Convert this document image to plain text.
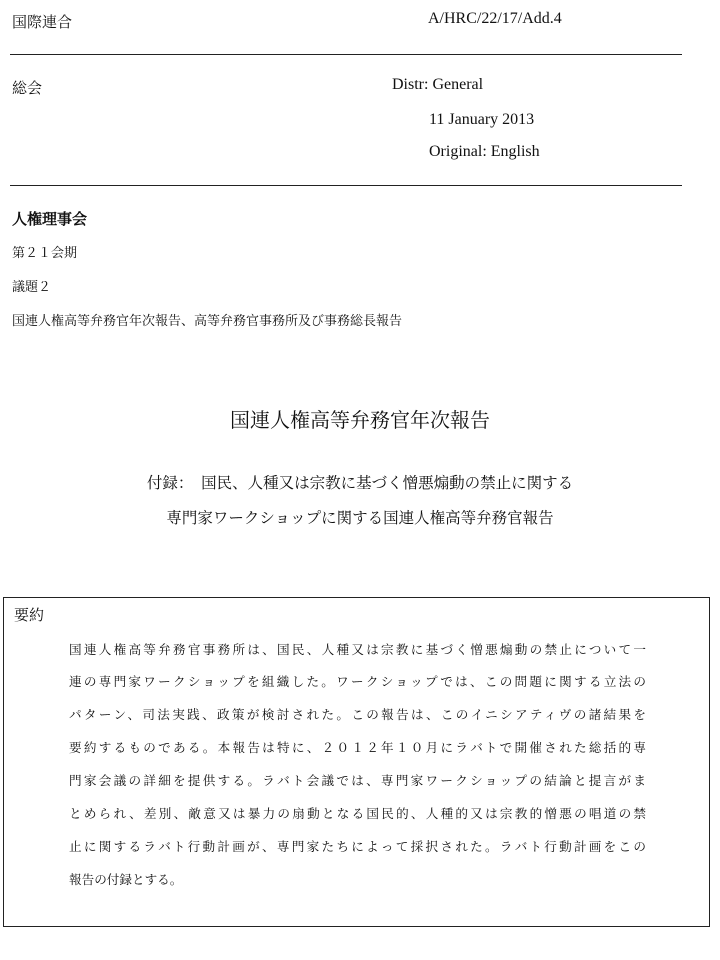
国際連合	A/HRC/22/17/Add.4
総会	Distr: General
11 January 2013
Original: English
人権理事会
第２１会期
議題２
国連人権高等弁務官年次報告、高等弁務官事務所及び事務総長報告
国連人権高等弁務官年次報告
付録：　国民、人種又は宗教に基づく憎悪煽動の禁止に関する
専門家ワークショップに関する国連人権高等弁務官報告
要約
国連人権高等弁務官事務所は、国民、人種又は宗教に基づく憎悪煽動の禁止について一
連の専門家ワークショップを組織した。ワークショップでは、この問題に関する立法の
パターン、司法実践、政策が検討された。この報告は、このイニシアティヴの諸結果を
要約するものである。本報告は特に、２０１２年１０月にラバトで開催された総括的専
門家会議の詳細を提供する。ラバト会議では、専門家ワークショップの結論と提言がま
とめられ、差別、敵意又は暴力の扇動となる国民的、人種的又は宗教的憎悪の唱道の禁
止に関するラバト行動計画が、専門家たちによって採択された。ラバト行動計画をこの
報告の付録とする。
